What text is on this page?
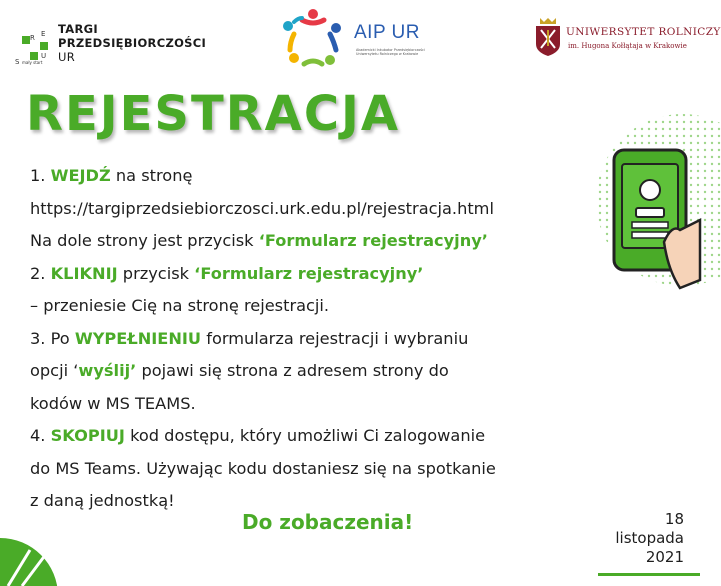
R E
U
S mały start
TARGI
PRZEDSIĘBIORCZOŚCI
UR
AIP UR
Akademicki Inkubator Przedsiębiorczości Uniwersytetu Rolniczego w Krakowie
UNIWERSYTET ROLNICZY
im. Hugona Kołłątaja w Krakowie
REJESTRACJA
1. WEJDŹ na stronę
https://targiprzedsiebiorczosci.urk.edu.pl/rejestracja.html
Na dole strony jest przycisk ‘Formularz rejestracyjny’
2. KLIKNIJ przycisk ‘Formularz rejestracyjny’
– przeniesie Cię na stronę rejestracji.
3. Po WYPEŁNIENIU formularza rejestracji i wybraniu
opcji ‘wyślij’ pojawi się strona z adresem strony do
kodów w MS TEAMS.
4. SKOPIUJ kod dostępu, który umożliwi Ci zalogowanie
do MS Teams. Używając kodu dostaniesz się na spotkanie
z daną jednostką!
Do zobaczenia!	18
listopada
2021
